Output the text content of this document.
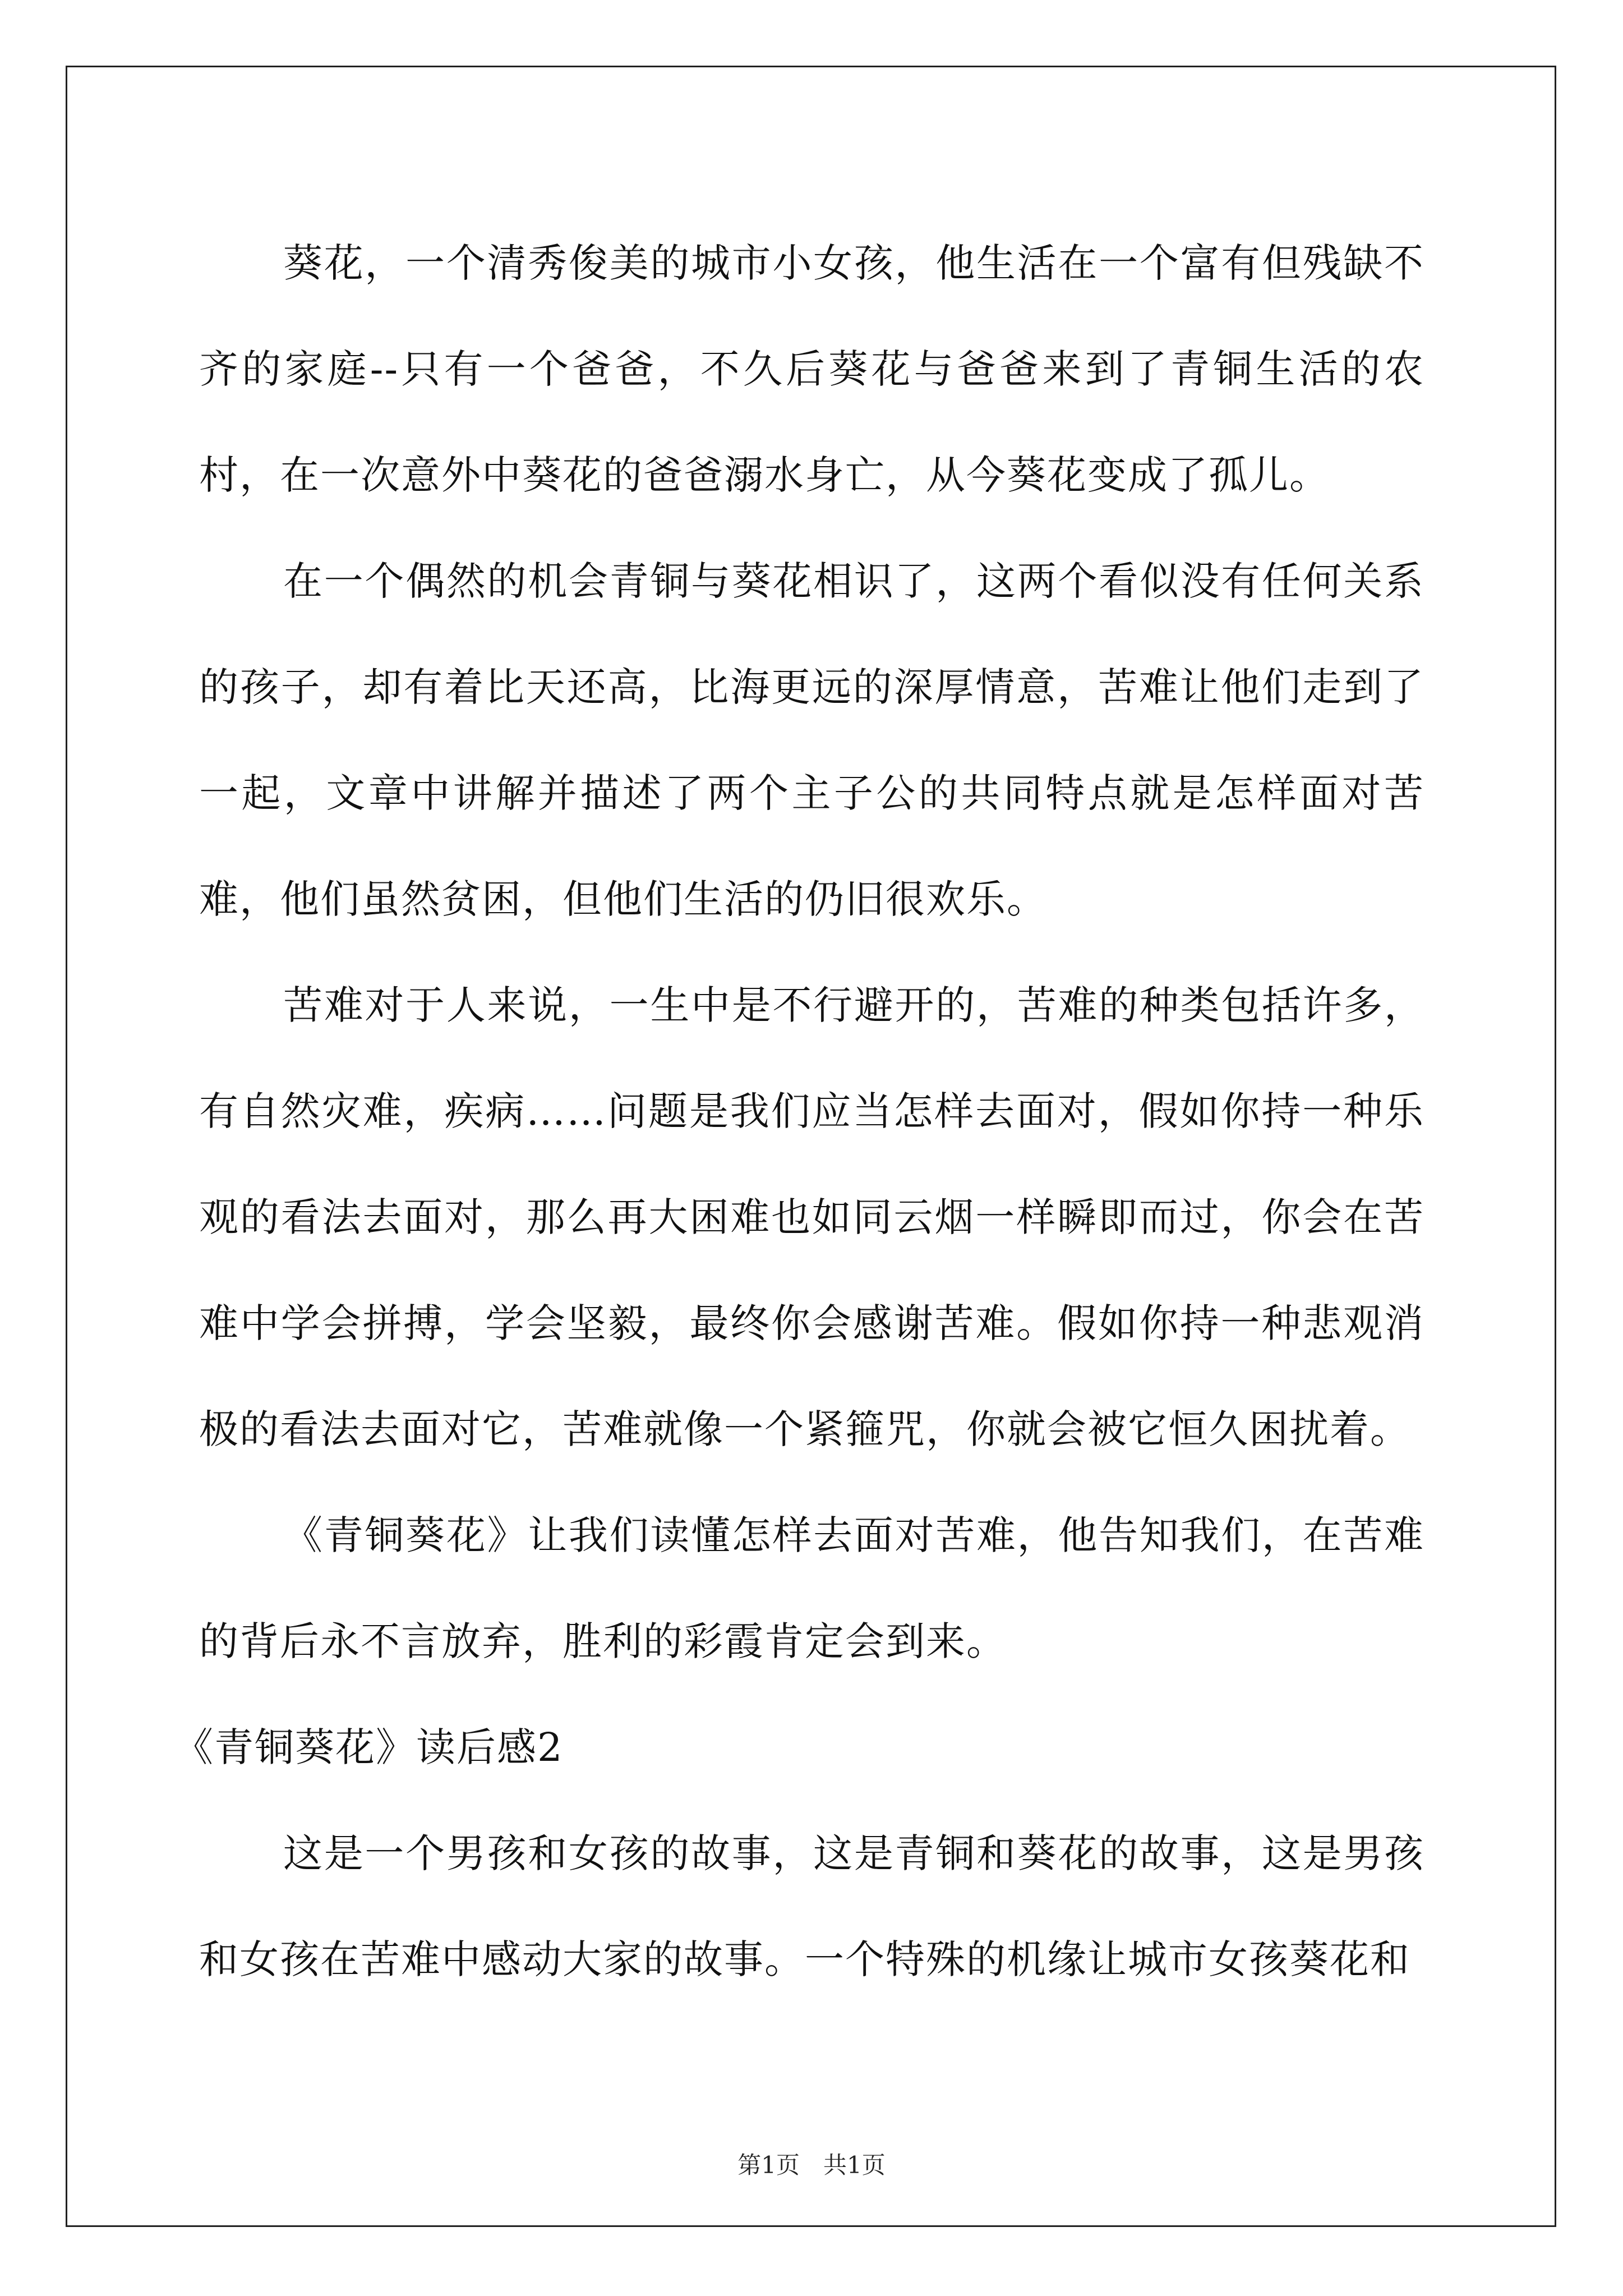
葵花，一个清秀俊美的城市小女孩，他生活在一个富有但残缺不齐的家庭--只有一个爸爸，不久后葵花与爸爸来到了青铜生活的农村，在一次意外中葵花的爸爸溺水身亡，从今葵花变成了孤儿。

在一个偶然的机会青铜与葵花相识了，这两个看似没有任何关系的孩子，却有着比天还高，比海更远的深厚情意，苦难让他们走到了一起，文章中讲解并描述了两个主子公的共同特点就是怎样面对苦难，他们虽然贫困，但他们生活的仍旧很欢乐。

苦难对于人来说，一生中是不行避开的，苦难的种类包括许多，有自然灾难，疾病……问题是我们应当怎样去面对，假如你持一种乐观的看法去面对，那么再大困难也如同云烟一样瞬即而过，你会在苦难中学会拼搏，学会坚毅，最终你会感谢苦难。假如你持一种悲观消极的看法去面对它，苦难就像一个紧箍咒，你就会被它恒久困扰着。

《青铜葵花》让我们读懂怎样去面对苦难，他告知我们，在苦难的背后永不言放弃，胜利的彩霞肯定会到来。

《青铜葵花》读后感2

这是一个男孩和女孩的故事，这是青铜和葵花的故事，这是男孩和女孩在苦难中感动大家的故事。一个特殊的机缘让城市女孩葵花和

第1页　共1页
